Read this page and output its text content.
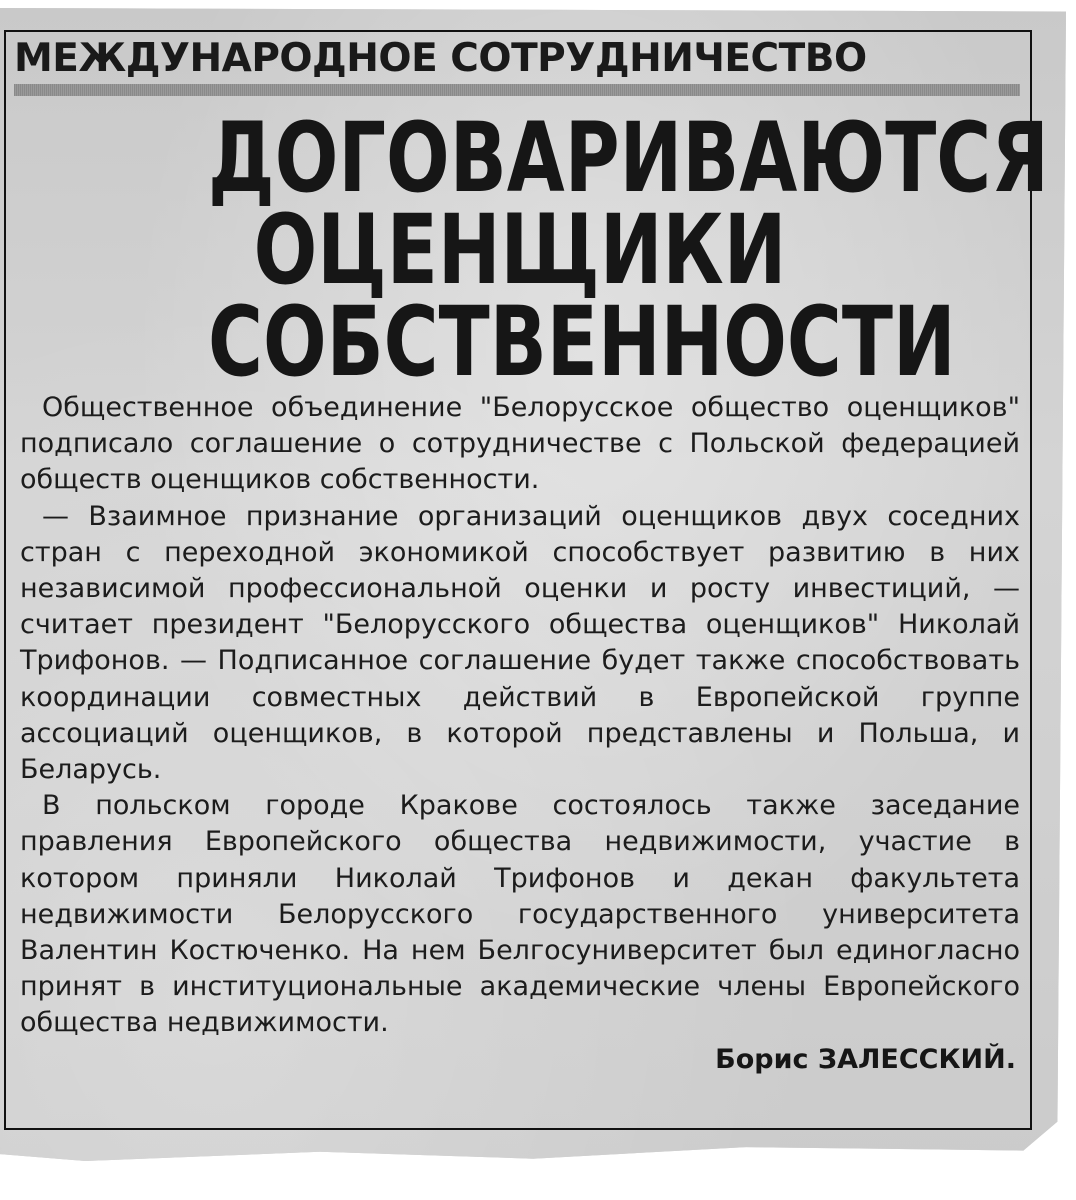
МЕЖДУНАРОДНОЕ СОТРУДНИЧЕСТВО
ДОГОВАРИВАЮТСЯ
ОЦЕНЩИКИ
СОБСТВЕННОСТИ

Общественное объединение "Белорусское общество оценщиков" подписало соглашение о сотрудничестве с Польской федерацией обществ оценщиков собственности.

— Взаимное признание организаций оценщиков двух соседних стран с переходной экономикой способствует развитию в них независимой профессиональной оценки и росту инвестиций, — считает президент "Белорусского общества оценщиков" Николай Трифонов. — Подписанное соглашение будет также способствовать координации совместных действий в Европейской группе ассоциаций оценщиков, в которой представлены и Польша, и Беларусь.

В польском городе Кракове состоялось также заседание правления Европейского общества недвижимости, участие в котором приняли Николай Трифонов и декан факультета недвижимости Белорусского государственного университета Валентин Костюченко. На нем Белгосуниверситет был единогласно принят в институциональные академические члены Европейского общества недвижимости.

Борис ЗАЛЕССКИЙ.
